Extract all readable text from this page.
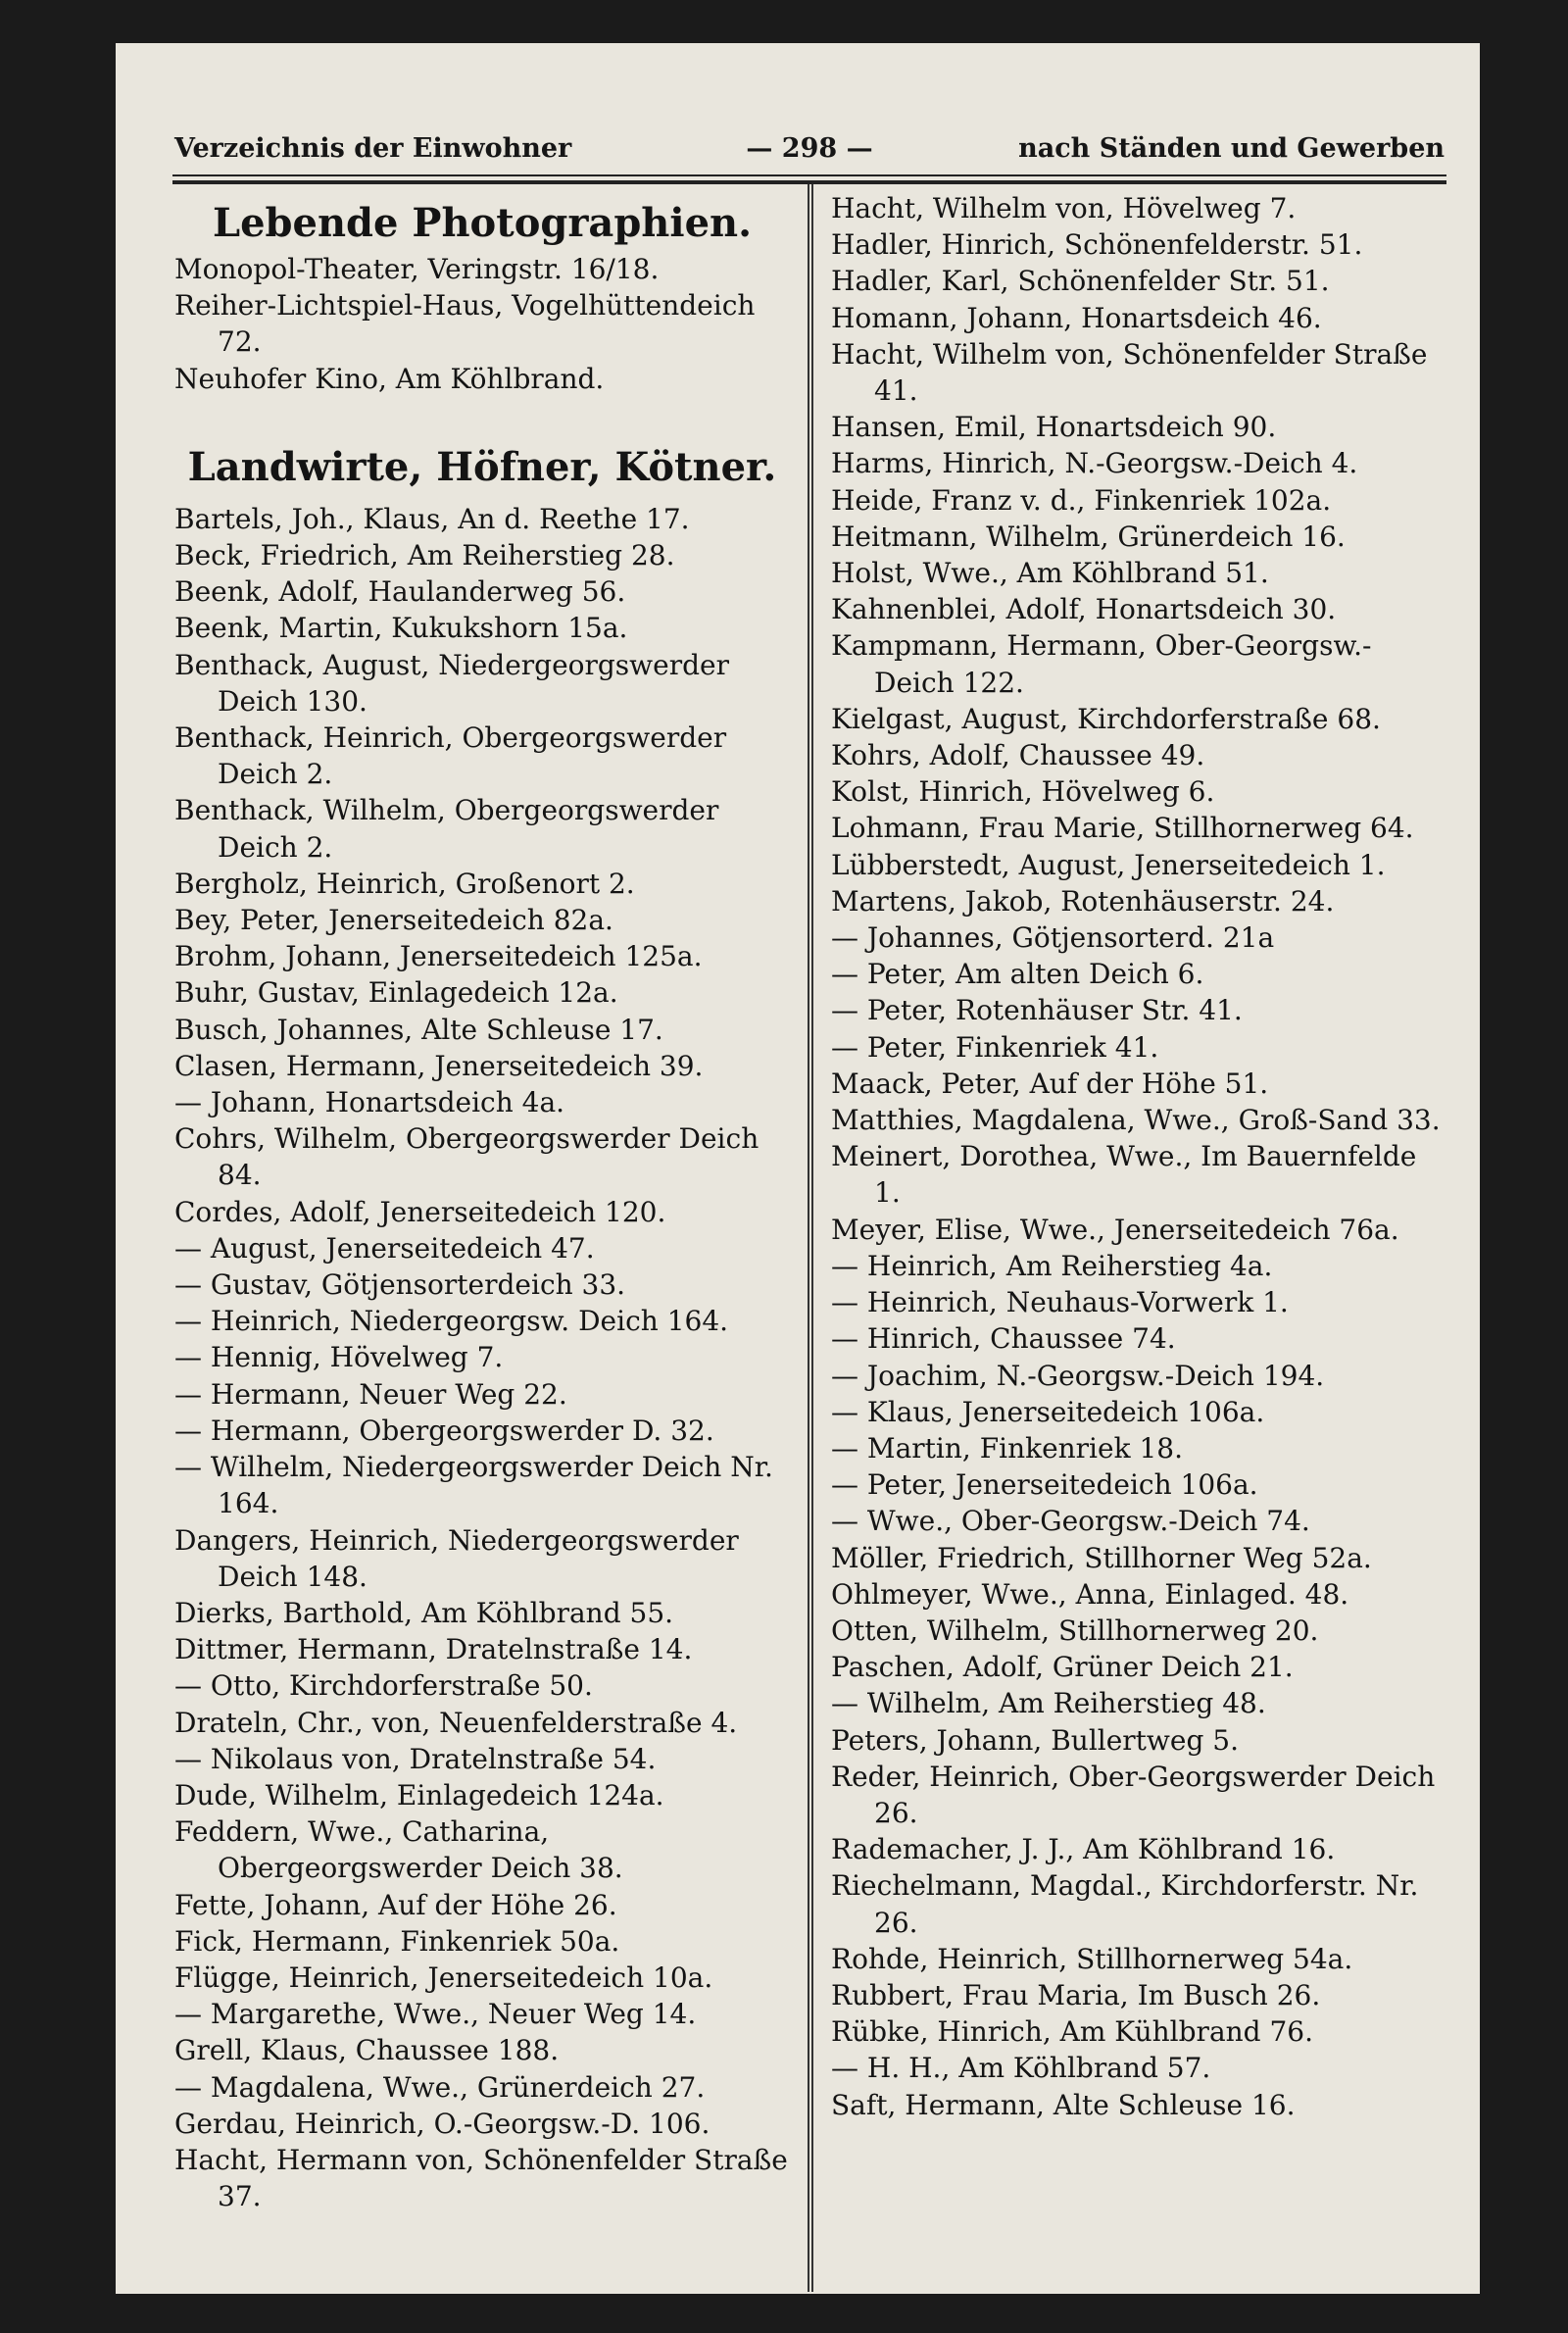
Verzeichnis der Einwohner	— 298 —	nach Ständen und Gewerben
Lebende Photographien.
Monopol-Theater, Veringstr. 16/18.
Reiher-Lichtspiel-Haus, Vogelhüttendeich 72.
Neuhofer Kino, Am Köhlbrand.
Landwirte, Höfner, Kötner.
Bartels, Joh., Klaus, An d. Reethe 17.
Beck, Friedrich, Am Reiherstieg 28.
Beenk, Adolf, Haulanderweg 56.
Beenk, Martin, Kukukshorn 15a.
Benthack, August, Niedergeorgswerder Deich 130.
Benthack, Heinrich, Obergeorgswerder Deich 2.
Benthack, Wilhelm, Obergeorgswerder Deich 2.
Bergholz, Heinrich, Großenort 2.
Bey, Peter, Jenerseitedeich 82a.
Brohm, Johann, Jenerseitedeich 125a.
Buhr, Gustav, Einlagedeich 12a.
Busch, Johannes, Alte Schleuse 17.
Clasen, Hermann, Jenerseitedeich 39.
— Johann, Honartsdeich 4a.
Cohrs, Wilhelm, Obergeorgswerder Deich 84.
Cordes, Adolf, Jenerseitedeich 120.
— August, Jenerseitedeich 47.
— Gustav, Götjensorterdeich 33.
— Heinrich, Niedergeorgsw. Deich 164.
— Hennig, Hövelweg 7.
— Hermann, Neuer Weg 22.
— Hermann, Obergeorgswerder D. 32.
— Wilhelm, Niedergeorgswerder Deich Nr. 164.
Dangers, Heinrich, Niedergeorgswerder Deich 148.
Dierks, Barthold, Am Köhlbrand 55.
Dittmer, Hermann, Dratelnstraße 14.
— Otto, Kirchdorferstraße 50.
Drateln, Chr., von, Neuenfelderstraße 4.
— Nikolaus von, Dratelnstraße 54.
Dude, Wilhelm, Einlagedeich 124a.
Feddern, Wwe., Catharina, Obergeorgswerder Deich 38.
Fette, Johann, Auf der Höhe 26.
Fick, Hermann, Finkenriek 50a.
Flügge, Heinrich, Jenerseitedeich 10a.
— Margarethe, Wwe., Neuer Weg 14.
Grell, Klaus, Chaussee 188.
— Magdalena, Wwe., Grünerdeich 27.
Gerdau, Heinrich, O.-Georgsw.-D. 106.
Hacht, Hermann von, Schönenfelder Straße 37.
Hacht, Wilhelm von, Hövelweg 7.
Hadler, Hinrich, Schönenfelderstr. 51.
Hadler, Karl, Schönenfelder Str. 51.
Homann, Johann, Honartsdeich 46.
Hacht, Wilhelm von, Schönenfelder Straße 41.
Hansen, Emil, Honartsdeich 90.
Harms, Hinrich, N.-Georgsw.-Deich 4.
Heide, Franz v. d., Finkenriek 102a.
Heitmann, Wilhelm, Grünerdeich 16.
Holst, Wwe., Am Köhlbrand 51.
Kahnenblei, Adolf, Honartsdeich 30.
Kampmann, Hermann, Ober-Georgsw.-Deich 122.
Kielgast, August, Kirchdorferstraße 68.
Kohrs, Adolf, Chaussee 49.
Kolst, Hinrich, Hövelweg 6.
Lohmann, Frau Marie, Stillhornerweg 64.
Lübberstedt, August, Jenerseitedeich 1.
Martens, Jakob, Rotenhäuserstr. 24.
— Johannes, Götjensorterd. 21a
— Peter, Am alten Deich 6.
— Peter, Rotenhäuser Str. 41.
— Peter, Finkenriek 41.
Maack, Peter, Auf der Höhe 51.
Matthies, Magdalena, Wwe., Groß-Sand 33.
Meinert, Dorothea, Wwe., Im Bauernfelde 1.
Meyer, Elise, Wwe., Jenerseitedeich 76a.
— Heinrich, Am Reiherstieg 4a.
— Heinrich, Neuhaus-Vorwerk 1.
— Hinrich, Chaussee 74.
— Joachim, N.-Georgsw.-Deich 194.
— Klaus, Jenerseitedeich 106a.
— Martin, Finkenriek 18.
— Peter, Jenerseitedeich 106a.
— Wwe., Ober-Georgsw.-Deich 74.
Möller, Friedrich, Stillhorner Weg 52a.
Ohlmeyer, Wwe., Anna, Einlaged. 48.
Otten, Wilhelm, Stillhornerweg 20.
Paschen, Adolf, Grüner Deich 21.
— Wilhelm, Am Reiherstieg 48.
Peters, Johann, Bullertweg 5.
Reder, Heinrich, Ober-Georgswerder Deich 26.
Rademacher, J. J., Am Köhlbrand 16.
Riechelmann, Magdal., Kirchdorferstr. Nr. 26.
Rohde, Heinrich, Stillhornerweg 54a.
Rubbert, Frau Maria, Im Busch 26.
Rübke, Hinrich, Am Kühlbrand 76.
— H. H., Am Köhlbrand 57.
Saft, Hermann, Alte Schleuse 16.
